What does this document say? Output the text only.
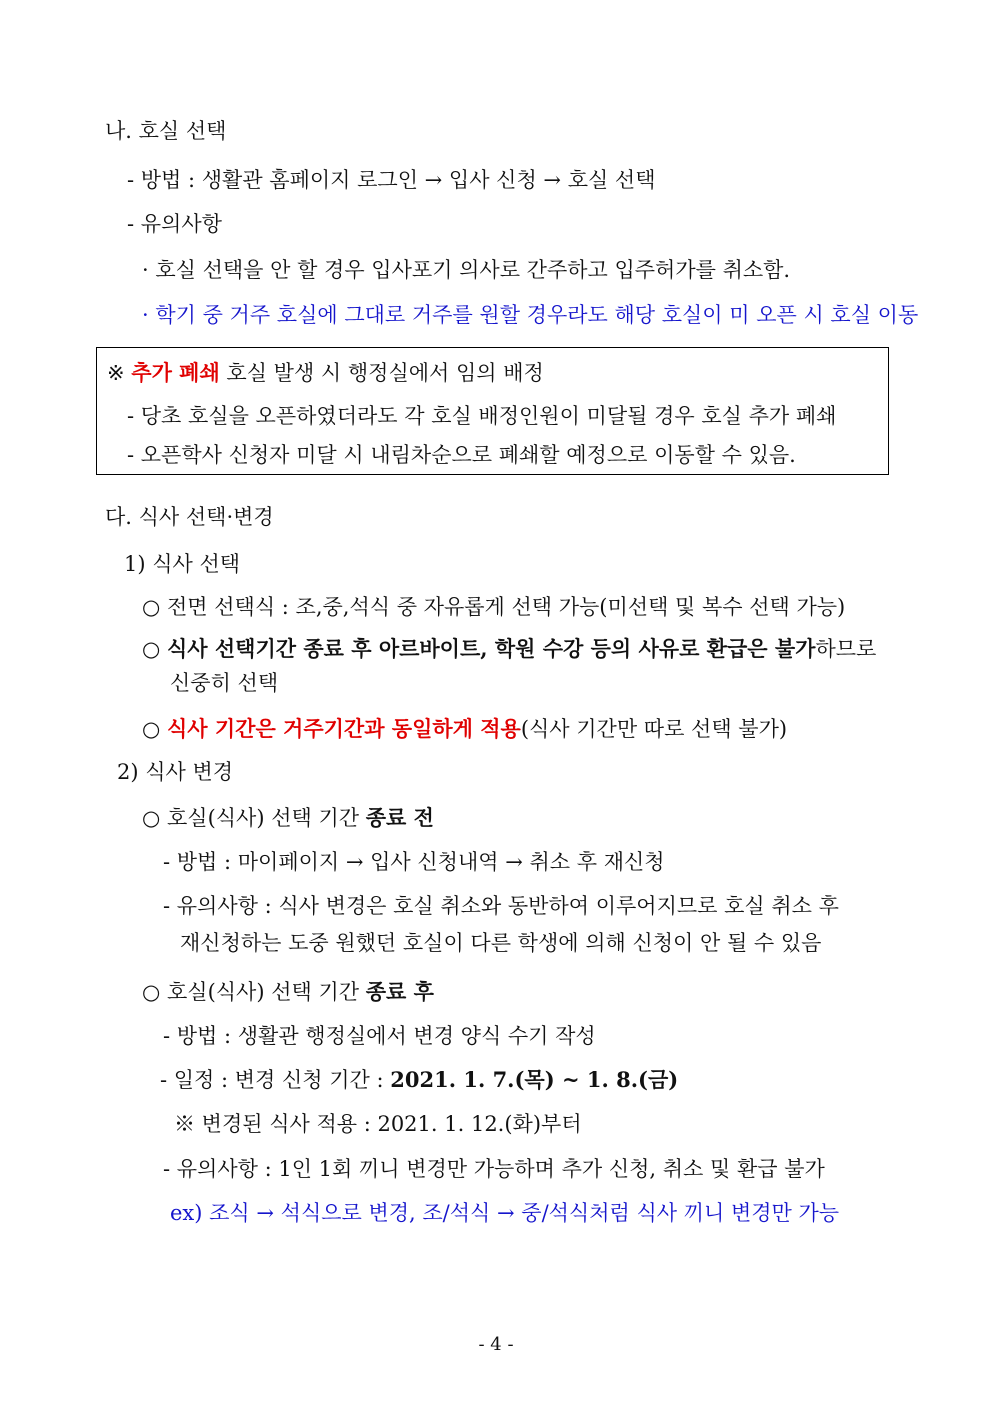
나. 호실 선택
- 방법 : 생활관 홈페이지 로그인 → 입사 신청 → 호실 선택
- 유의사항
· 호실 선택을 안 할 경우 입사포기 의사로 간주하고 입주허가를 취소함.
· 학기 중 거주 호실에 그대로 거주를 원할 경우라도 해당 호실이 미 오픈 시 호실 이동
※ 추가 폐쇄 호실 발생 시 행정실에서 임의 배정
- 당초 호실을 오픈하였더라도 각 호실 배정인원이 미달될 경우 호실 추가 폐쇄
- 오픈학사 신청자 미달 시 내림차순으로 폐쇄할 예정으로 이동할 수 있음.
다. 식사 선택·변경
1) 식사 선택
○ 전면 선택식 : 조,중,석식 중 자유롭게 선택 가능(미선택 및 복수 선택 가능)
○ 식사 선택기간 종료 후 아르바이트, 학원 수강 등의 사유로 환급은 불가하므로
신중히 선택
○ 식사 기간은 거주기간과 동일하게 적용(식사 기간만 따로 선택 불가)
2) 식사 변경
○ 호실(식사) 선택 기간 종료 전
- 방법 : 마이페이지 → 입사 신청내역 → 취소 후 재신청
- 유의사항 : 식사 변경은 호실 취소와 동반하여 이루어지므로 호실 취소 후
재신청하는 도중 원했던 호실이 다른 학생에 의해 신청이 안 될 수 있음
○ 호실(식사) 선택 기간 종료 후
- 방법 : 생활관 행정실에서 변경 양식 수기 작성
- 일정 : 변경 신청 기간 : 2021. 1. 7.(목) ~ 1. 8.(금)
※ 변경된 식사 적용 : 2021. 1. 12.(화)부터
- 유의사항 : 1인 1회 끼니 변경만 가능하며 추가 신청, 취소 및 환급 불가
ex) 조식 → 석식으로 변경, 조/석식 → 중/석식처럼 식사 끼니 변경만 가능
- 4 -
